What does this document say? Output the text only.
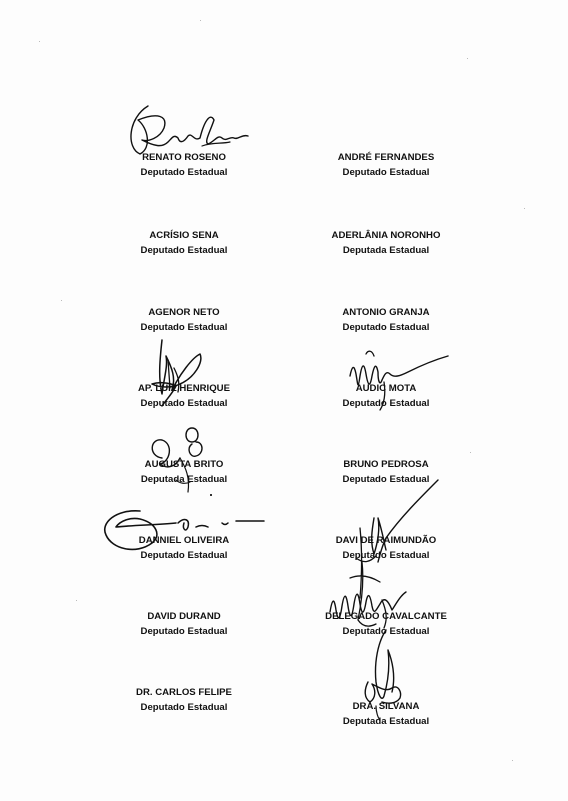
RENATO ROSENO
Deputado Estadual
ANDRÉ FERNANDES
Deputado Estadual
ACRÍSIO SENA
Deputado Estadual
ADERLÂNIA NORONHO
Deputada Estadual
AGENOR NETO
Deputado Estadual
ANTONIO GRANJA
Deputado Estadual
AP. LUIZ HENRIQUE
Deputado Estadual
AUDIC MOTA
Deputado Estadual
AUGUSTA BRITO
Deputada Estadual
BRUNO PEDROSA
Deputado Estadual
DANNIEL OLIVEIRA
Deputado Estadual
DAVI DE RAIMUNDÃO
Deputado Estadual
DAVID DURAND
Deputado Estadual
DELEGADO CAVALCANTE
Deputado Estadual
DR. CARLOS FELIPE
Deputado Estadual	DRA. SILVANA
Deputada Estadual
